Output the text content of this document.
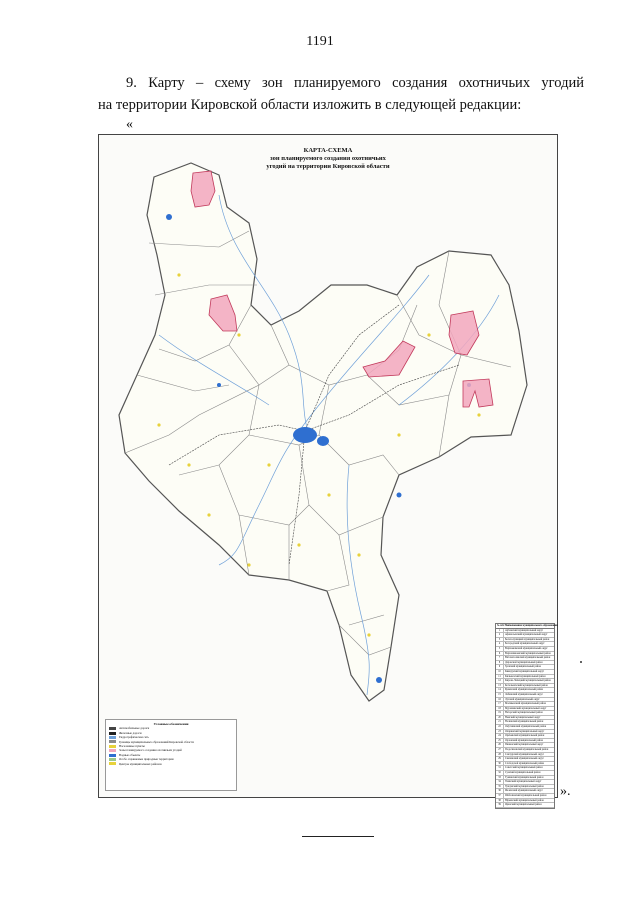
1191

9. Карту – схему зон планируемого создания охотничьих угодий

на территории Кировской области изложить в следующей редакции:

«
КАРТА-СХЕМА
зон планируемого создания охотничьих
угодий на территории Кировской области
Условные обозначения
Автомобильные дороги
Железные дороги
Гидрографическая сеть
Границы муниципальных образований Кировской области
Населенные пункты
Зоны планируемого создания охотничьих угодий
Водные объекты
Особо охраняемые природные территории
Центры муниципальных районов
№ п/п Наименование муниципального образования
1	Арбажский муниципальный округ
2	Афанасьевский муниципальный округ
3	Белохолуницкий муниципальный район
4	Богородский муниципальный округ
5	Верхнекамский муниципальный округ
6	Верхошижемский муниципальный район
7	Вятскополянский муниципальный район
8	Даровской муниципальный район
9	Зуевский муниципальный район
10	Кикнурский муниципальный округ
11	Кильмезский муниципальный район
12	Кирово-Чепецкий муниципальный район
13	Котельничский муниципальный район
14	Куменский муниципальный район
15	Лебяжский муниципальный округ
16	Лузский муниципальный округ
17	Малмыжский муниципальный район
18	Мурашинский муниципальный округ
19	Нагорский муниципальный район
20	Немский муниципальный округ
21	Нолинский муниципальный район
22	Омутнинский муниципальный район
23	Опаринский муниципальный округ
24	Оричевский муниципальный район
25	Орловский муниципальный район
26	Пижанский муниципальный округ
27	Подосиновский муниципальный район
28	Санчурский муниципальный округ
29	Свечинский муниципальный округ
30	Слободской муниципальный район
31	Советский муниципальный район
32	Сунский муниципальный район
33	Тужинский муниципальный район
34	Унинский муниципальный округ
35	Уржумский муниципальный район
36	Фаленский муниципальный округ
37	Шабалинский муниципальный район
38	Юрьянский муниципальный район
39	Яранский муниципальный район
».
